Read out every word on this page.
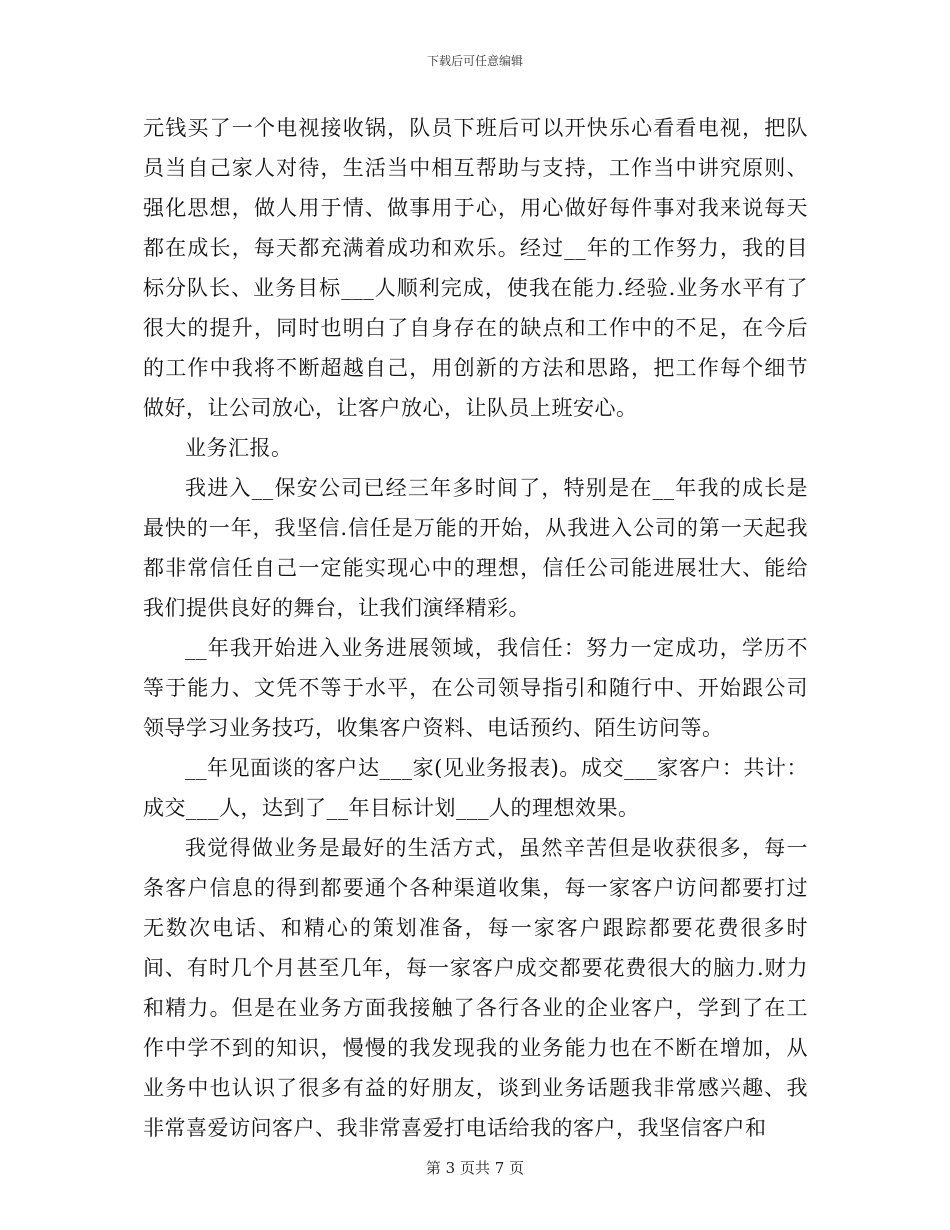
下载后可任意编辑

元钱买了一个电视接收锅，队员下班后可以开快乐心看看电视，把队员当自己家人对待，生活当中相互帮助与支持，工作当中讲究原则、强化思想，做人用于情、做事用于心，用心做好每件事对我来说每天都在成长，每天都充满着成功和欢乐。经过__年的工作努力，我的目标分队长、业务目标___人顺利完成，使我在能力.经验.业务水平有了很大的提升，同时也明白了自身存在的缺点和工作中的不足，在今后的工作中我将不断超越自己，用创新的方法和思路，把工作每个细节做好，让公司放心，让客户放心，让队员上班安心。

业务汇报。

我进入__保安公司已经三年多时间了，特别是在__年我的成长是最快的一年，我坚信.信任是万能的开始，从我进入公司的第一天起我都非常信任自己一定能实现心中的理想，信任公司能进展壮大、能给我们提供良好的舞台，让我们演绎精彩。

__年我开始进入业务进展领域，我信任：努力一定成功，学历不等于能力、文凭不等于水平，在公司领导指引和随行中、开始跟公司领导学习业务技巧，收集客户资料、电话预约、陌生访问等。

__年见面谈的客户达___家(见业务报表)。成交___家客户：共计：成交___人，达到了__年目标计划___人的理想效果。

我觉得做业务是最好的生活方式，虽然辛苦但是收获很多，每一条客户信息的得到都要通个各种渠道收集，每一家客户访问都要打过无数次电话、和精心的策划准备，每一家客户跟踪都要花费很多时间、有时几个月甚至几年，每一家客户成交都要花费很大的脑力.财力和精力。但是在业务方面我接触了各行各业的企业客户，学到了在工作中学不到的知识，慢慢的我发现我的业务能力也在不断在增加，从业务中也认识了很多有益的好朋友，谈到业务话题我非常感兴趣、我非常喜爱访问客户、我非常喜爱打电话给我的客户，我坚信客户和

第 3 页共 7 页
